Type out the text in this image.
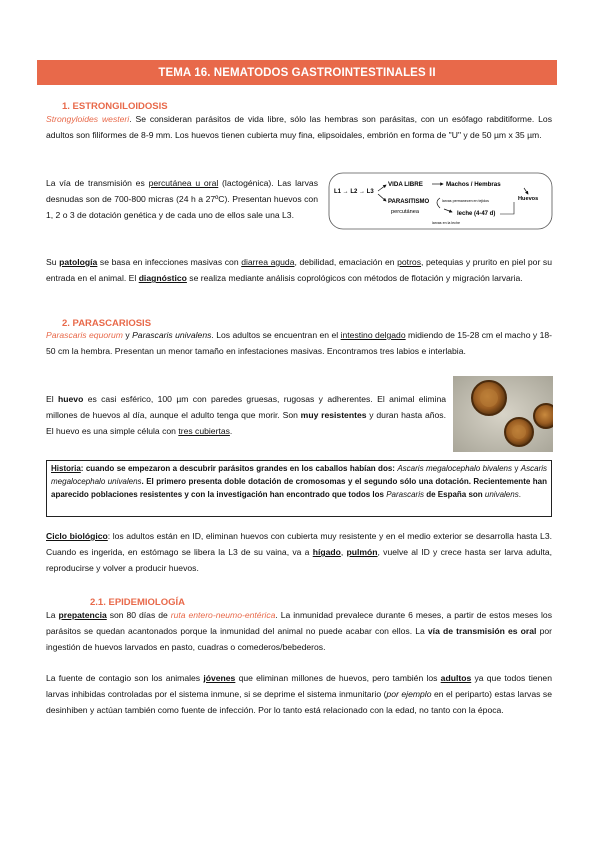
TEMA 16. NEMATODOS GASTROINTESTINALES II
1. ESTRONGILOIDOSIS

Strongyloides westeri. Se consideran parásitos de vida libre, sólo las hembras son parásitas, con un esófago rabditiforme. Los adultos son filiformes de 8-9 mm. Los huevos tienen cubierta muy fina, elipsoidales, embrión en forma de "U" y de 50 µm x 35 µm.

La vía de transmisión es percutánea u oral (lactogénica). Las larvas desnudas son de 700-800 micras (24 h a 27ºC). Presentan huevos con 1, 2 o 3 de dotación genética y de cada uno de ellos sale una L3.

L1 → L2 → L3
VIDA LIBRE	Machos / Hembras
Huevos
PARASITISMO
percutánea
larvas permanecen en tejidos
leche (4-47 d)
larvas en la leche

Su patología se basa en infecciones masivas con diarrea aguda, debilidad, emaciación en potros, petequias y prurito en piel por su entrada en el animal. El diagnóstico se realiza mediante análisis coprológicos con métodos de flotación y migración larvaria.

2. PARASCARIOSIS

Parascaris equorum y Parascaris univalens. Los adultos se encuentran en el intestino delgado midiendo de 15-28 cm el macho y 18-50 cm la hembra. Presentan un menor tamaño en infestaciones masivas. Encontramos tres labios e interlabia.

El huevo es casi esférico, 100 µm con paredes gruesas, rugosas y adherentes. El animal elimina millones de huevos al día, aunque el adulto tenga que morir. Son muy resistentes y duran hasta años. El huevo es una simple célula con tres cubiertas.

Historia: cuando se empezaron a descubrir parásitos grandes en los caballos habían dos: Ascaris megalocephalo bivalens y Ascaris megalocephalo univalens. El primero presenta doble dotación de cromosomas y el segundo sólo una dotación. Recientemente han aparecido poblaciones resistentes y con la investigación han encontrado que todos los Parascaris de España son univalens.

Ciclo biológico: los adultos están en ID, eliminan huevos con cubierta muy resistente y en el medio exterior se desarrolla hasta L3. Cuando es ingerida, en estómago se libera la L3 de su vaina, va a hígado, pulmón, vuelve al ID y crece hasta ser larva adulta, reproducirse y volver a producir huevos.

2.1. EPIDEMIOLOGÍA

La prepatencia son 80 días de ruta entero-neumo-entérica. La inmunidad prevalece durante 6 meses, a partir de estos meses los parásitos se quedan acantonados porque la inmunidad del animal no puede acabar con ellos. La vía de transmisión es oral por ingestión de huevos larvados en pasto, cuadras o comederos/bebederos.

La fuente de contagio son los animales jóvenes que eliminan millones de huevos, pero también los adultos ya que todos tienen larvas inhibidas controladas por el sistema inmune, si se deprime el sistema inmunitario (por ejemplo en el periparto) estas larvas se desinhiben y actúan también como fuente de infección. Por lo tanto está relacionado con la edad, no tanto con la época.
